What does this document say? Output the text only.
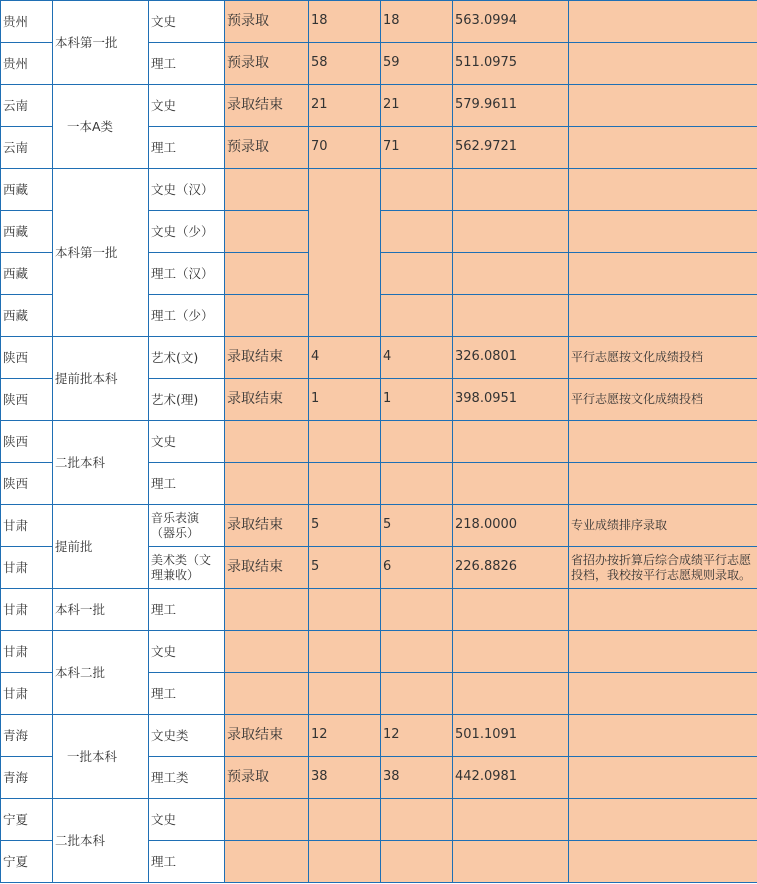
贵州	本科第一批	文史	预录取	18	18	563.0994	
贵州		理工	预录取	58	59	511.0975	
云南	一本A类	文史	录取结束	21	21	579.9611	
云南		理工	预录取	70	71	562.9721	
西藏	本科第一批	文史（汉）					
西藏		文史（少）					
西藏		理工（汉）					
西藏		理工（少）					
陕西	提前批本科	艺术(文)	录取结束	4	4	326.0801	平行志愿按文化成绩投档
陕西		艺术(理)	录取结束	1	1	398.0951	平行志愿按文化成绩投档
陕西	二批本科	文史					
陕西		理工					
甘肃	提前批	音乐表演（器乐）	录取结束	5	5	218.0000	专业成绩排序录取
甘肃		美术类（文理兼收）	录取结束	5	6	226.8826	省招办按折算后综合成绩平行志愿投档，我校按平行志愿规则录取。
甘肃	本科一批	理工					
甘肃	本科二批	文史					
甘肃		理工					
青海	一批本科	文史类	录取结束	12	12	501.1091	
青海		理工类	预录取	38	38	442.0981	
宁夏	二批本科	文史					
宁夏		理工					
